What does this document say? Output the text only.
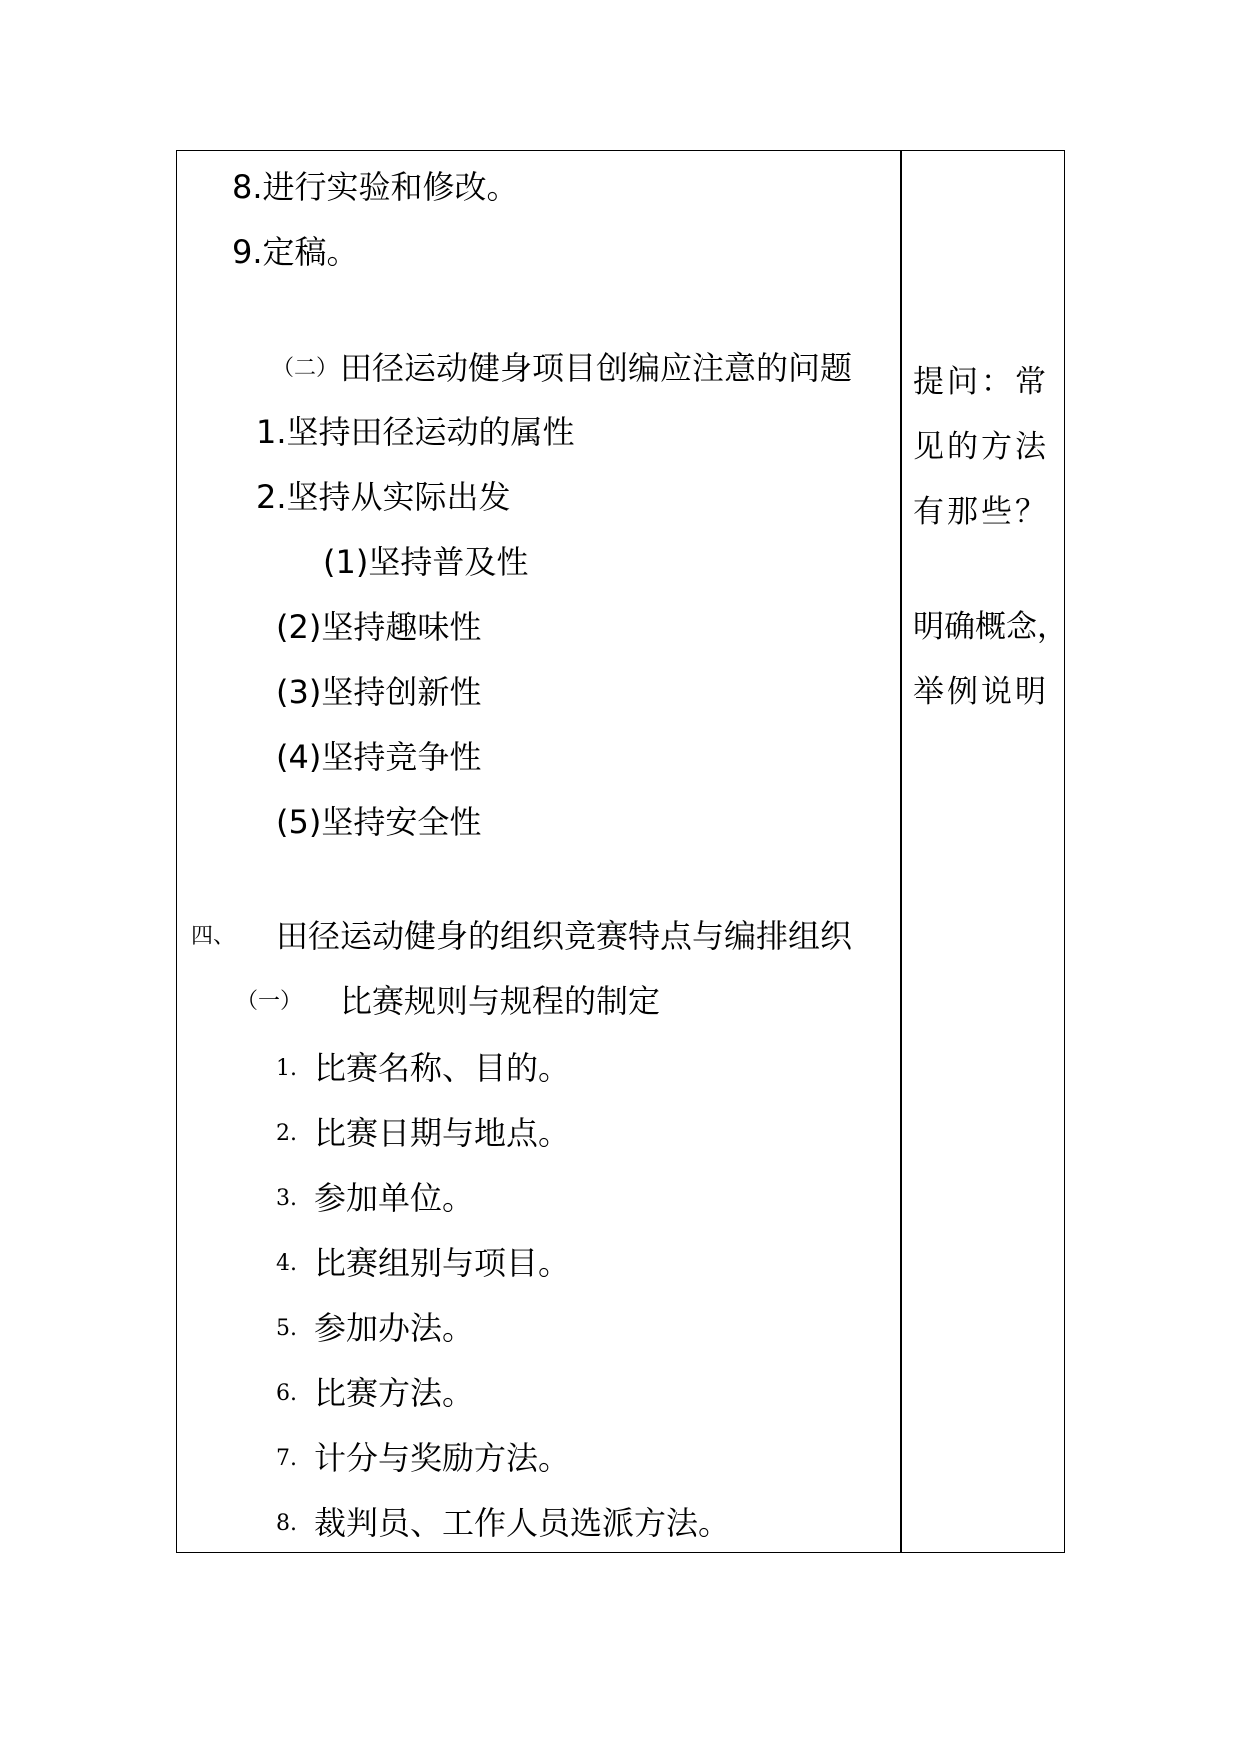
8.进行实验和修改。
9.定稿。
（二） 田径运动健身项目创编应注意的问题
1.坚持田径运动的属性
2.坚持从实际出发
(1)坚持普及性
(2)坚持趣味性
(3)坚持创新性
(4)坚持竞争性
(5)坚持安全性
四、 田径运动健身的组织竞赛特点与编排组织
（一） 比赛规则与规程的制定
1. 比赛名称、目的。
2. 比赛日期与地点。
3. 参加单位。
4. 比赛组别与项目。
5. 参加办法。
6. 比赛方法。
7. 计分与奖励方法。
8. 裁判员、工作人员选派方法。
提问：常
见的方法
有那些？
明确概念，
举例说明
